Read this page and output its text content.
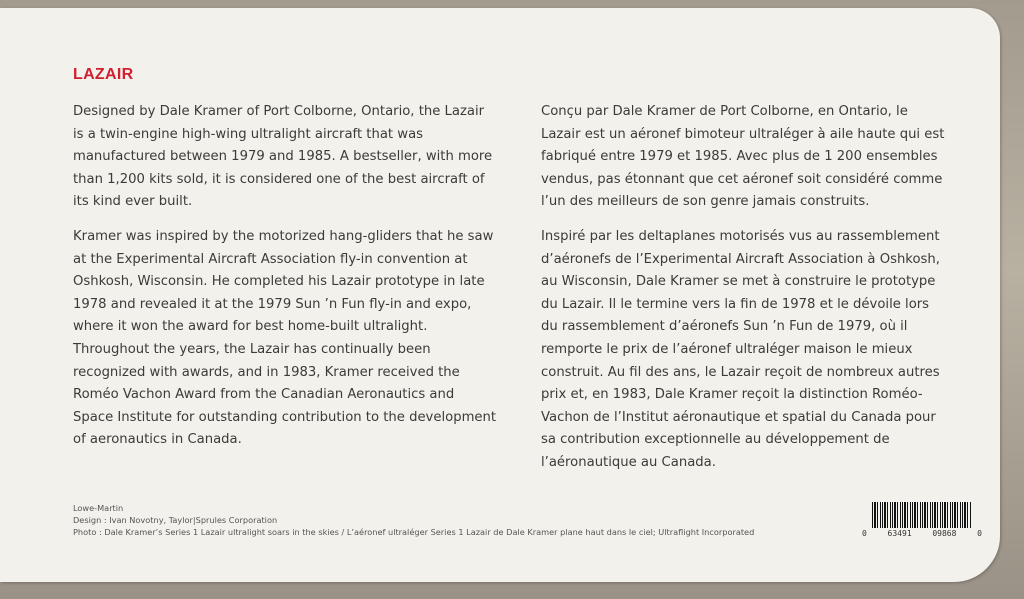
LAZAIR

Designed by Dale Kramer of Port Colborne, Ontario, the Lazair is a twin-engine high-wing ultralight aircraft that was manufactured between 1979 and 1985. A bestseller, with more than 1,200 kits sold, it is considered one of the best aircraft of its kind ever built.

Kramer was inspired by the motorized hang-gliders that he saw at the Experimental Aircraft Association fly-in convention at Oshkosh, Wisconsin. He completed his Lazair prototype in late 1978 and revealed it at the 1979 Sun ’n Fun fly-in and expo, where it won the award for best home-built ultralight. Throughout the years, the Lazair has continually been recognized with awards, and in 1983, Kramer received the Roméo Vachon Award from the Canadian Aeronautics and Space Institute for outstanding contribution to the development of aeronautics in Canada.

Conçu par Dale Kramer de Port Colborne, en Ontario, le Lazair est un aéronef bimoteur ultraléger à aile haute qui est fabriqué entre 1979 et 1985. Avec plus de 1 200 ensembles vendus, pas étonnant que cet aéronef soit considéré comme l’un des meilleurs de son genre jamais construits.

Inspiré par les deltaplanes motorisés vus au rassemblement d’aéronefs de l’Experimental Aircraft Association à Oshkosh, au Wisconsin, Dale Kramer se met à construire le prototype du Lazair. Il le termine vers la fin de 1978 et le dévoile lors du rassemblement d’aéronefs Sun ’n Fun de 1979, où il remporte le prix de l’aéronef ultraléger maison le mieux construit. Au fil des ans, le Lazair reçoit de nombreux autres prix et, en 1983, Dale Kramer reçoit la distinction Roméo-Vachon de l’Institut aéronautique et spatial du Canada pour sa contribution exceptionnelle au développement de l’aéronautique au Canada.

Lowe-Martin
Design : Ivan Novotny, Taylor|Sprules Corporation
Photo : Dale Kramer’s Series 1 Lazair ultralight soars in the skies / L’aéronef ultraléger Series 1 Lazair de Dale Kramer plane haut dans le ciel; Ultraflight Incorporated	0	63491	09868	0
